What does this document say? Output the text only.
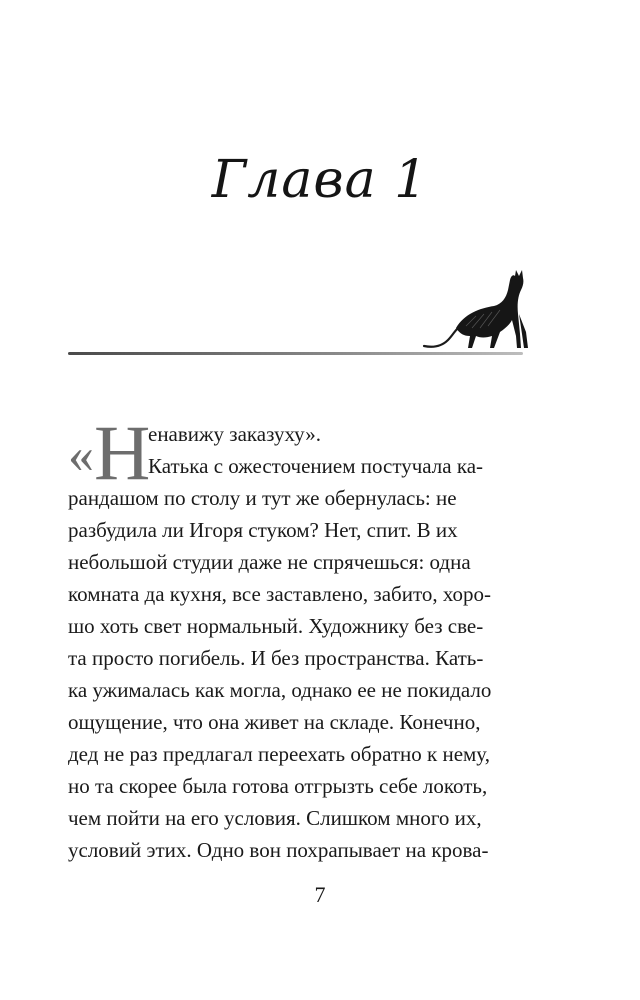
Глава 1
« Н
енавижу заказуху».
Катька с ожесточением постучала ка-
рандашом по столу и тут же обернулась: не
разбудила ли Игоря стуком? Нет, спит. В их
небольшой студии даже не спрячешься: одна
комната да кухня, все заставлено, забито, хоро-
шо хоть свет нормальный. Художнику без све-
та просто погибель. И без пространства. Кать-
ка ужималась как могла, однако ее не покидало
ощущение, что она живет на складе. Конечно,
дед не раз предлагал переехать обратно к нему,
но та скорее была готова отгрызть себе локоть,
чем пойти на его условия. Слишком много их,
условий этих. Одно вон похрапывает на крова-
7
